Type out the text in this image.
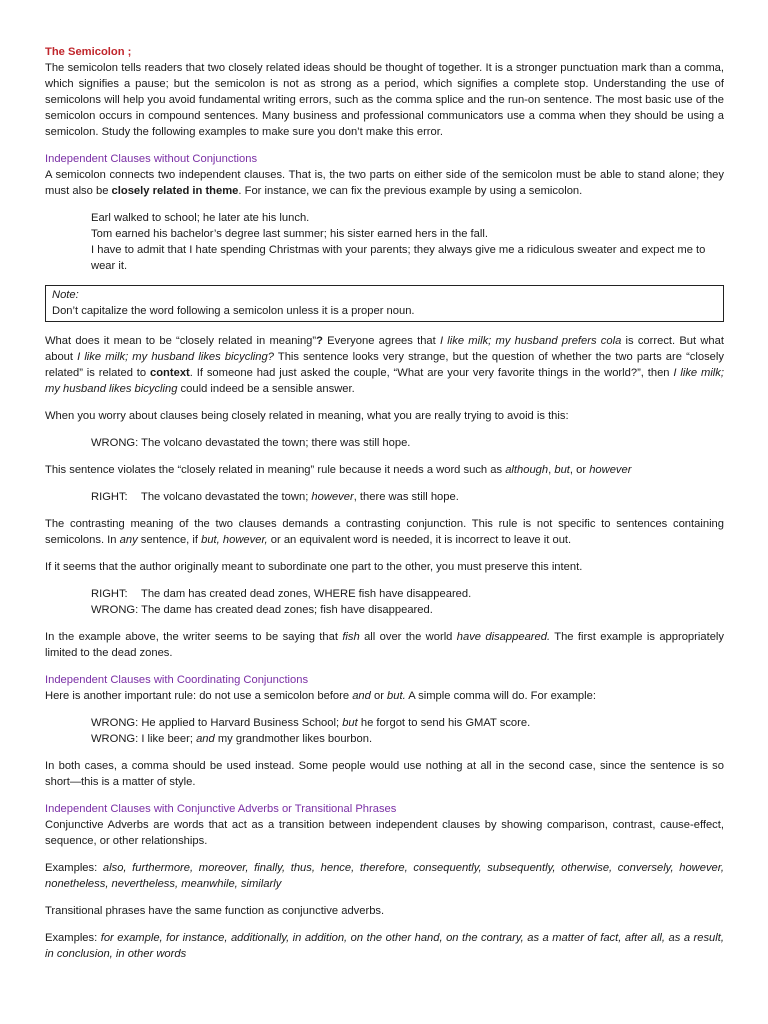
The Semicolon ;

The semicolon tells readers that two closely related ideas should be thought of together. It is a stronger punctuation mark than a comma, which signifies a pause; but the semicolon is not as strong as a period, which signifies a complete stop. Understanding the use of semicolons will help you avoid fundamental writing errors, such as the comma splice and the run-on sentence. The most basic use of the semicolon occurs in compound sentences. Many business and professional communicators use a comma when they should be using a semicolon. Study the following examples to make sure you don’t make this error.

Independent Clauses without Conjunctions

A semicolon connects two independent clauses. That is, the two parts on either side of the semicolon must be able to stand alone; they must also be closely related in theme. For instance, we can fix the previous example by using a semicolon.

Earl walked to school; he later ate his lunch.

Tom earned his bachelor’s degree last summer; his sister earned hers in the fall.

I have to admit that I hate spending Christmas with your parents; they always give me a ridiculous sweater and expect me to wear it.

Note:

Don’t capitalize the word following a semicolon unless it is a proper noun.

What does it mean to be “closely related in meaning”? Everyone agrees that I like milk; my husband prefers cola is correct. But what about I like milk; my husband likes bicycling? This sentence looks very strange, but the question of whether the two parts are “closely related” is related to context. If someone had just asked the couple, “What are your very favorite things in the world?”, then I like milk; my husband likes bicycling could indeed be a sensible answer.

When you worry about clauses being closely related in meaning, what you are really trying to avoid is this:

WRONG: The volcano devastated the town; there was still hope.

This sentence violates the “closely related in meaning” rule because it needs a word such as although, but, or however

RIGHT: The volcano devastated the town; however, there was still hope.

The contrasting meaning of the two clauses demands a contrasting conjunction. This rule is not specific to sentences containing semicolons. In any sentence, if but, however, or an equivalent word is needed, it is incorrect to leave it out.

If it seems that the author originally meant to subordinate one part to the other, you must preserve this intent.

RIGHT: The dam has created dead zones, WHERE fish have disappeared.

WRONG: The dame has created dead zones; fish have disappeared.

In the example above, the writer seems to be saying that fish all over the world have disappeared. The first example is appropriately limited to the dead zones.

Independent Clauses with Coordinating Conjunctions

Here is another important rule: do not use a semicolon before and or but. A simple comma will do. For example:

WRONG: He applied to Harvard Business School; but he forgot to send his GMAT score.

WRONG: I like beer; and my grandmother likes bourbon.

In both cases, a comma should be used instead. Some people would use nothing at all in the second case, since the sentence is so short—this is a matter of style.

Independent Clauses with Conjunctive Adverbs or Transitional Phrases

Conjunctive Adverbs are words that act as a transition between independent clauses by showing comparison, contrast, cause-effect, sequence, or other relationships.

Examples: also, furthermore, moreover, finally, thus, hence, therefore, consequently, subsequently, otherwise, conversely, however, nonetheless, nevertheless, meanwhile, similarly

Transitional phrases have the same function as conjunctive adverbs.

Examples: for example, for instance, additionally, in addition, on the other hand, on the contrary, as a matter of fact, after all, as a result, in conclusion, in other words
